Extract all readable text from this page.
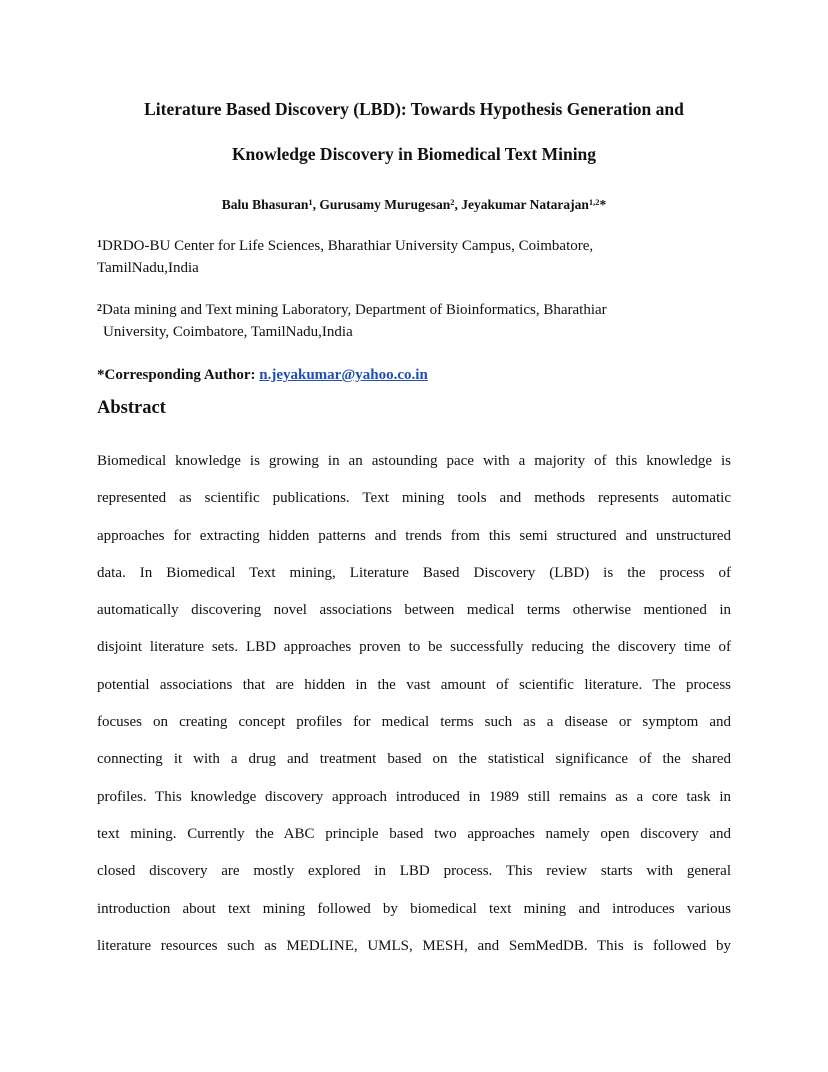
Literature Based Discovery (LBD): Towards Hypothesis Generation and
Knowledge Discovery in Biomedical Text Mining
Balu Bhasuran$^1$, Gurusamy Murugesan$^2$, Jeyakumar Natarajan$^{1,2}$*
$^1$DRDO-BU Center for Life Sciences, Bharathiar University Campus, Coimbatore,
TamilNadu,India
$^2$Data mining and Text mining Laboratory, Department of Bioinformatics, Bharathiar
University, Coimbatore, TamilNadu,India
*Corresponding Author: n.jeyakumar@yahoo.co.in
Abstract
Biomedical knowledge is growing in an astounding pace with a majority of this knowledge is
represented as scientific publications. Text mining tools and methods represents automatic
approaches for extracting hidden patterns and trends from this semi structured and unstructured
data. In Biomedical Text mining, Literature Based Discovery (LBD) is the process of
automatically discovering novel associations between medical terms otherwise mentioned in
disjoint literature sets. LBD approaches proven to be successfully reducing the discovery time of
potential associations that are hidden in the vast amount of scientific literature. The process
focuses on creating concept profiles for medical terms such as a disease or symptom and
connecting it with a drug and treatment based on the statistical significance of the shared
profiles. This knowledge discovery approach introduced in 1989 still remains as a core task in
text mining. Currently the ABC principle based two approaches namely open discovery and
closed discovery are mostly explored in LBD process. This review starts with general
introduction about text mining followed by biomedical text mining and introduces various
literature resources such as MEDLINE, UMLS, MESH, and SemMedDB. This is followed by
